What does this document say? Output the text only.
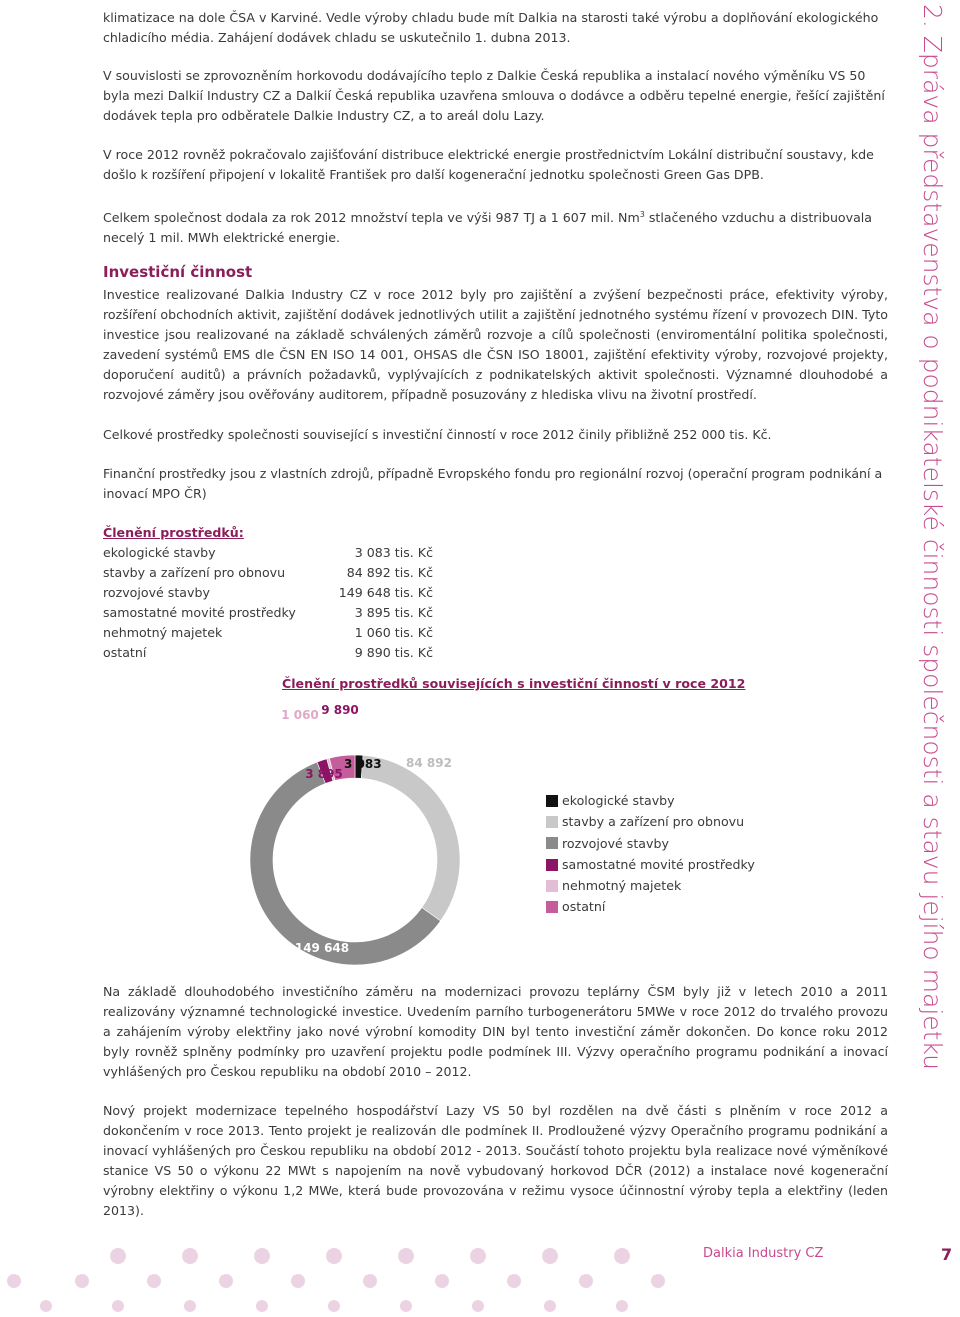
klimatizace na dole ČSA v Karviné. Vedle výroby chladu bude mít Dalkia na starosti také výrobu a doplňování ekologického chladicího média. Zahájení dodávek chladu se uskutečnilo 1. dubna 2013.
V souvislosti se zprovozněním horkovodu dodávajícího teplo z Dalkie Česká republika a instalací nového výměníku VS 50 byla mezi Dalkií Industry CZ a Dalkií Česká republika uzavřena smlouva o dodávce a odběru tepelné energie, řešící zajištění dodávek tepla pro odběratele Dalkie Industry CZ, a to areál dolu Lazy.
V roce 2012 rovněž pokračovalo zajišťování distribuce elektrické energie prostřednictvím Lokální distribuční soustavy, kde došlo k rozšíření připojení v lokalitě František pro další kogenerační jednotku společnosti Green Gas DPB.
Celkem společnost dodala za rok 2012 množství tepla ve výši 987 TJ a 1 607 mil. Nm$^3$ stlačeného vzduchu a distribuovala necelý 1 mil. MWh elektrické energie.
Investiční činnost
Investice realizované Dalkia Industry CZ v roce 2012 byly pro zajištění a zvýšení bezpečnosti práce, efektivity výroby, rozšíření obchodních aktivit, zajištění dodávek jednotlivých utilit a zajištění jednotného systému řízení v provozech DIN. Tyto investice jsou realizované na základě schválených záměrů rozvoje a cílů společnosti (enviromentální politika společnosti, zavedení systémů EMS dle ČSN EN ISO 14 001, OHSAS dle ČSN ISO 18001, zajištění efektivity výroby, rozvojové projekty, doporučení auditů) a právních požadavků, vyplývajících z podnikatelských aktivit společnosti. Významné dlouhodobé a rozvojové záměry jsou ověřovány auditorem, případně posuzovány z hlediska vlivu na životní prostředí.
Celkové prostředky společnosti související s investiční činností v roce 2012 činily přibližně 252 000 tis. Kč.
Finanční prostředky jsou z vlastních zdrojů, případně Evropského fondu pro regionální rozvoj (operační program podnikání a inovací MPO ČR)
Členění prostředků:
ekologické stavby	3 083 tis. Kč
stavby a zařízení pro obnovu	84 892 tis. Kč
rozvojové stavby	149 648 tis. Kč
samostatné movité prostředky	3 895 tis. Kč
nehmotný majetek	1 060 tis. Kč
ostatní	9 890 tis. Kč
Členění prostředků souvisejících s investiční činností v roce 2012
3 083 84 892
149 648
3 895
1 060 9 890
ekologické stavby
stavby a zařízení pro obnovu
rozvojové stavby
samostatné movité prostředky
nehmotný majetek
ostatní
Na základě dlouhodobého investičního záměru na modernizaci provozu teplárny ČSM byly již v letech 2010 a 2011 realizovány významné technologické investice. Uvedením parního turbogenerátoru 5MWe v roce 2012 do trvalého provozu a zahájením výroby elektřiny jako nové výrobní komodity DIN byl tento investiční záměr dokončen. Do konce roku 2012 byly rovněž splněny podmínky pro uzavření projektu podle podmínek III. Výzvy operačního programu podnikání a inovací vyhlášených pro Českou republiku na období 2010 – 2012.
Nový projekt modernizace tepelného hospodářství Lazy VS 50 byl rozdělen na dvě části s plněním v roce 2012 a dokončením v roce 2013. Tento projekt je realizován dle podmínek II. Prodloužené výzvy Operačního programu podnikání a inovací vyhlášených pro Českou republiku na období 2012 - 2013. Součástí tohoto projektu byla realizace nové výměníkové stanice VS 50 o výkonu 22 MWt s napojením na nově vybudovaný horkovod DČR (2012) a instalace nové kogenerační výrobny elektřiny o výkonu 1,2 MWe, která bude provozována v režimu vysoce účinnostní výroby tepla a elektřiny (leden 2013).
2. Zpráva představenstva o podnikatelské činnosti společnosti a stavu jejího majetku
Dalkia Industry CZ	7
